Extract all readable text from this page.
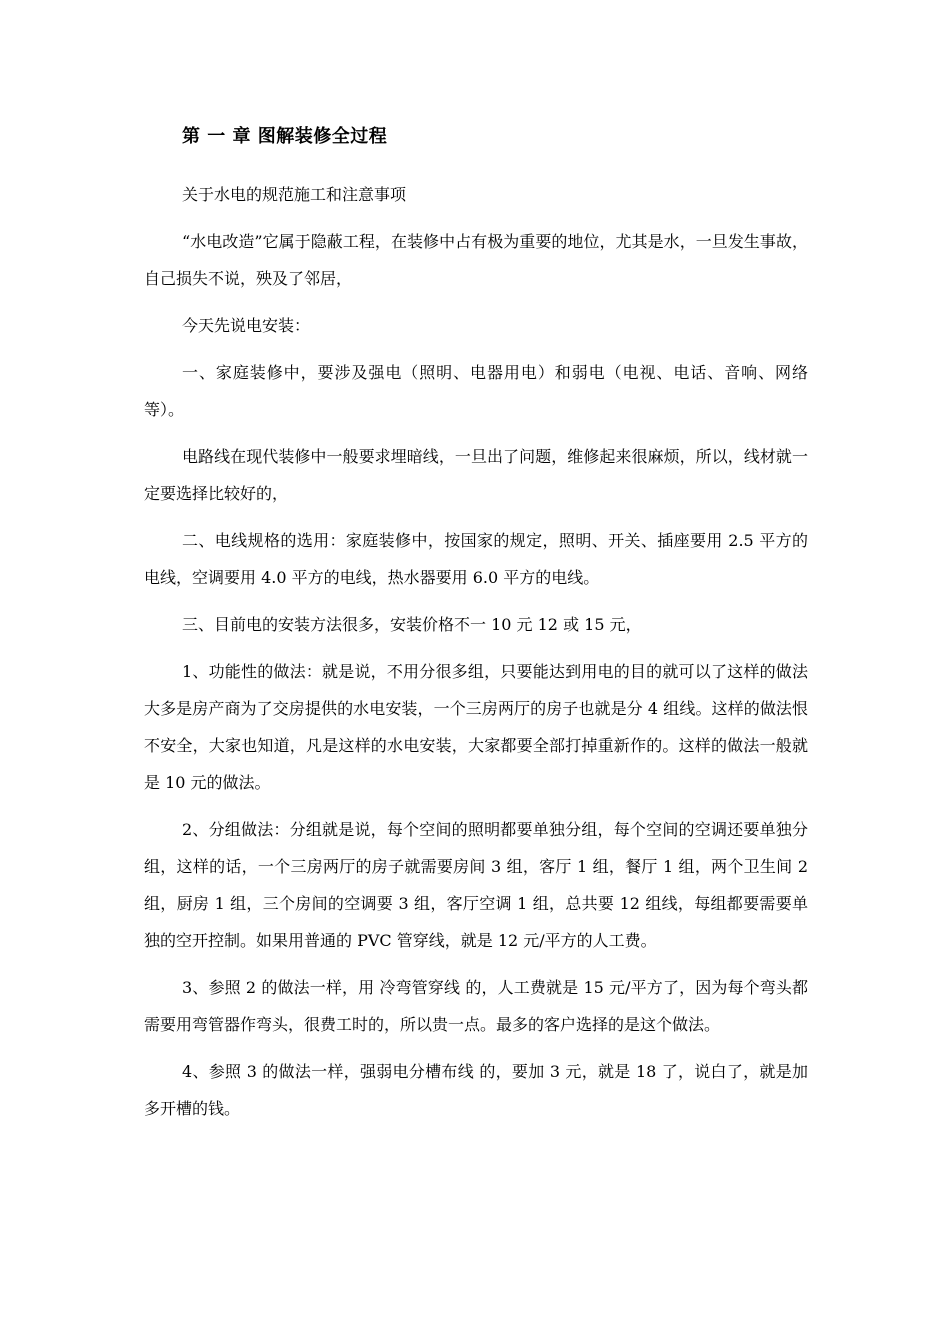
第 一 章 图解装修全过程

关于水电的规范施工和注意事项

“水电改造”它属于隐蔽工程，在装修中占有极为重要的地位，尤其是水，一旦发生事故，自己损失不说，殃及了邻居，

今天先说电安装：

一、家庭装修中，要涉及强电（照明、电器用电）和弱电（电视、电话、音响、网络等）。

电路线在现代装修中一般要求埋暗线，一旦出了问题，维修起来很麻烦，所以，线材就一定要选择比较好的，

二、电线规格的选用：家庭装修中，按国家的规定，照明、开关、插座要用 2.5 平方的电线，空调要用 4.0 平方的电线，热水器要用 6.0 平方的电线。

三、目前电的安装方法很多，安装价格不一 10 元 12 或 15 元，

1、功能性的做法：就是说，不用分很多组，只要能达到用电的目的就可以了这样的做法大多是房产商为了交房提供的水电安装，一个三房两厅的房子也就是分 4 组线。这样的做法恨不安全，大家也知道，凡是这样的水电安装，大家都要全部打掉重新作的。这样的做法一般就是 10 元的做法。

2、分组做法：分组就是说，每个空间的照明都要单独分组，每个空间的空调还要单独分组，这样的话，一个三房两厅的房子就需要房间 3 组，客厅 1 组，餐厅 1 组，两个卫生间 2 组，厨房 1 组，三个房间的空调要 3 组，客厅空调 1 组，总共要 12 组线，每组都要需要单独的空开控制。如果用普通的 PVC 管穿线，就是 12 元/平方的人工费。

3、参照 2 的做法一样，用 冷弯管穿线 的，人工费就是 15 元/平方了，因为每个弯头都需要用弯管器作弯头，很费工时的，所以贵一点。最多的客户选择的是这个做法。

4、参照 3 的做法一样，强弱电分槽布线 的，要加 3 元，就是 18 了，说白了，就是加多开槽的钱。
